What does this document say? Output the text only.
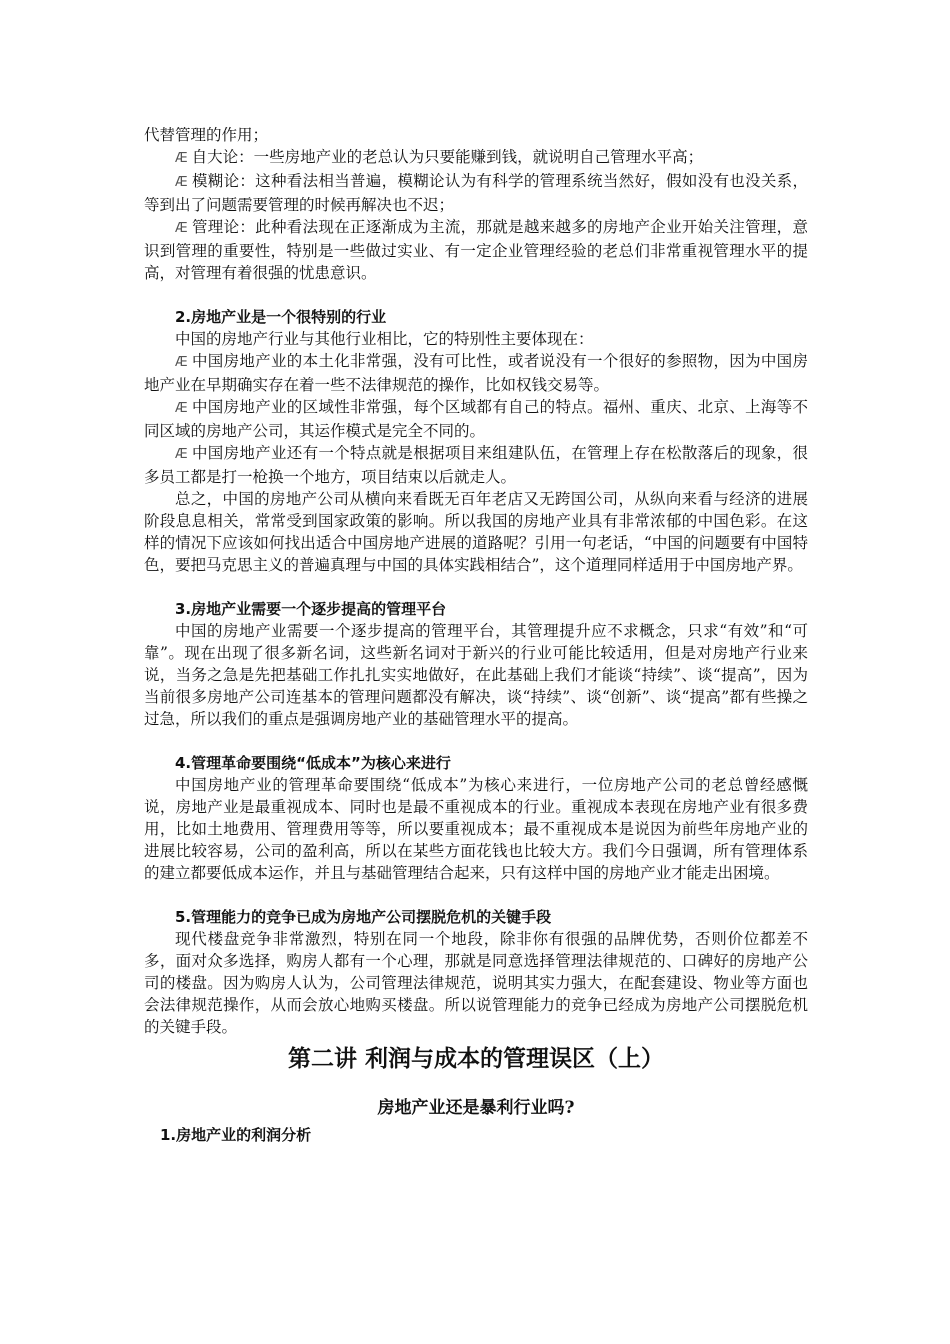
代替管理的作用；

Æ 自大论：一些房地产业的老总认为只要能赚到钱，就说明自己管理水平高；

Æ 模糊论：这种看法相当普遍，模糊论认为有科学的管理系统当然好，假如没有也没关系，等到出了问题需要管理的时候再解决也不迟；

Æ 管理论：此种看法现在正逐渐成为主流，那就是越来越多的房地产企业开始关注管理，意识到管理的重要性，特别是一些做过实业、有一定企业管理经验的老总们非常重视管理水平的提高，对管理有着很强的忧患意识。

2.房地产业是一个很特别的行业

中国的房地产行业与其他行业相比，它的特别性主要体现在：

Æ 中国房地产业的本土化非常强，没有可比性，或者说没有一个很好的参照物，因为中国房地产业在早期确实存在着一些不法律规范的操作，比如权钱交易等。

Æ 中国房地产业的区域性非常强，每个区域都有自己的特点。福州、重庆、北京、上海等不同区域的房地产公司，其运作模式是完全不同的。

Æ 中国房地产业还有一个特点就是根据项目来组建队伍，在管理上存在松散落后的现象，很多员工都是打一枪换一个地方，项目结束以后就走人。

总之，中国的房地产公司从横向来看既无百年老店又无跨国公司，从纵向来看与经济的进展阶段息息相关，常常受到国家政策的影响。所以我国的房地产业具有非常浓郁的中国色彩。在这样的情况下应该如何找出适合中国房地产进展的道路呢？引用一句老话，“中国的问题要有中国特色，要把马克思主义的普遍真理与中国的具体实践相结合”，这个道理同样适用于中国房地产界。

3.房地产业需要一个逐步提高的管理平台

中国的房地产业需要一个逐步提高的管理平台，其管理提升应不求概念，只求“有效”和“可靠”。现在出现了很多新名词，这些新名词对于新兴的行业可能比较适用，但是对房地产行业来说，当务之急是先把基础工作扎扎实实地做好，在此基础上我们才能谈“持续”、谈“提高”，因为当前很多房地产公司连基本的管理问题都没有解决，谈“持续”、谈“创新”、谈“提高”都有些操之过急，所以我们的重点是强调房地产业的基础管理水平的提高。

4.管理革命要围绕“低成本”为核心来进行

中国房地产业的管理革命要围绕“低成本”为核心来进行，一位房地产公司的老总曾经感慨说，房地产业是最重视成本、同时也是最不重视成本的行业。重视成本表现在房地产业有很多费用，比如土地费用、管理费用等等，所以要重视成本；最不重视成本是说因为前些年房地产业的进展比较容易，公司的盈利高，所以在某些方面花钱也比较大方。我们今日强调，所有管理体系的建立都要低成本运作，并且与基础管理结合起来，只有这样中国的房地产业才能走出困境。

5.管理能力的竞争已成为房地产公司摆脱危机的关键手段

现代楼盘竞争非常激烈，特别在同一个地段，除非你有很强的品牌优势，否则价位都差不多，面对众多选择，购房人都有一个心理，那就是同意选择管理法律规范的、口碑好的房地产公司的楼盘。因为购房人认为，公司管理法律规范，说明其实力强大，在配套建设、物业等方面也会法律规范操作，从而会放心地购买楼盘。所以说管理能力的竞争已经成为房地产公司摆脱危机的关键手段。

第二讲 利润与成本的管理误区（上）
房地产业还是暴利行业吗?
1.房地产业的利润分析
